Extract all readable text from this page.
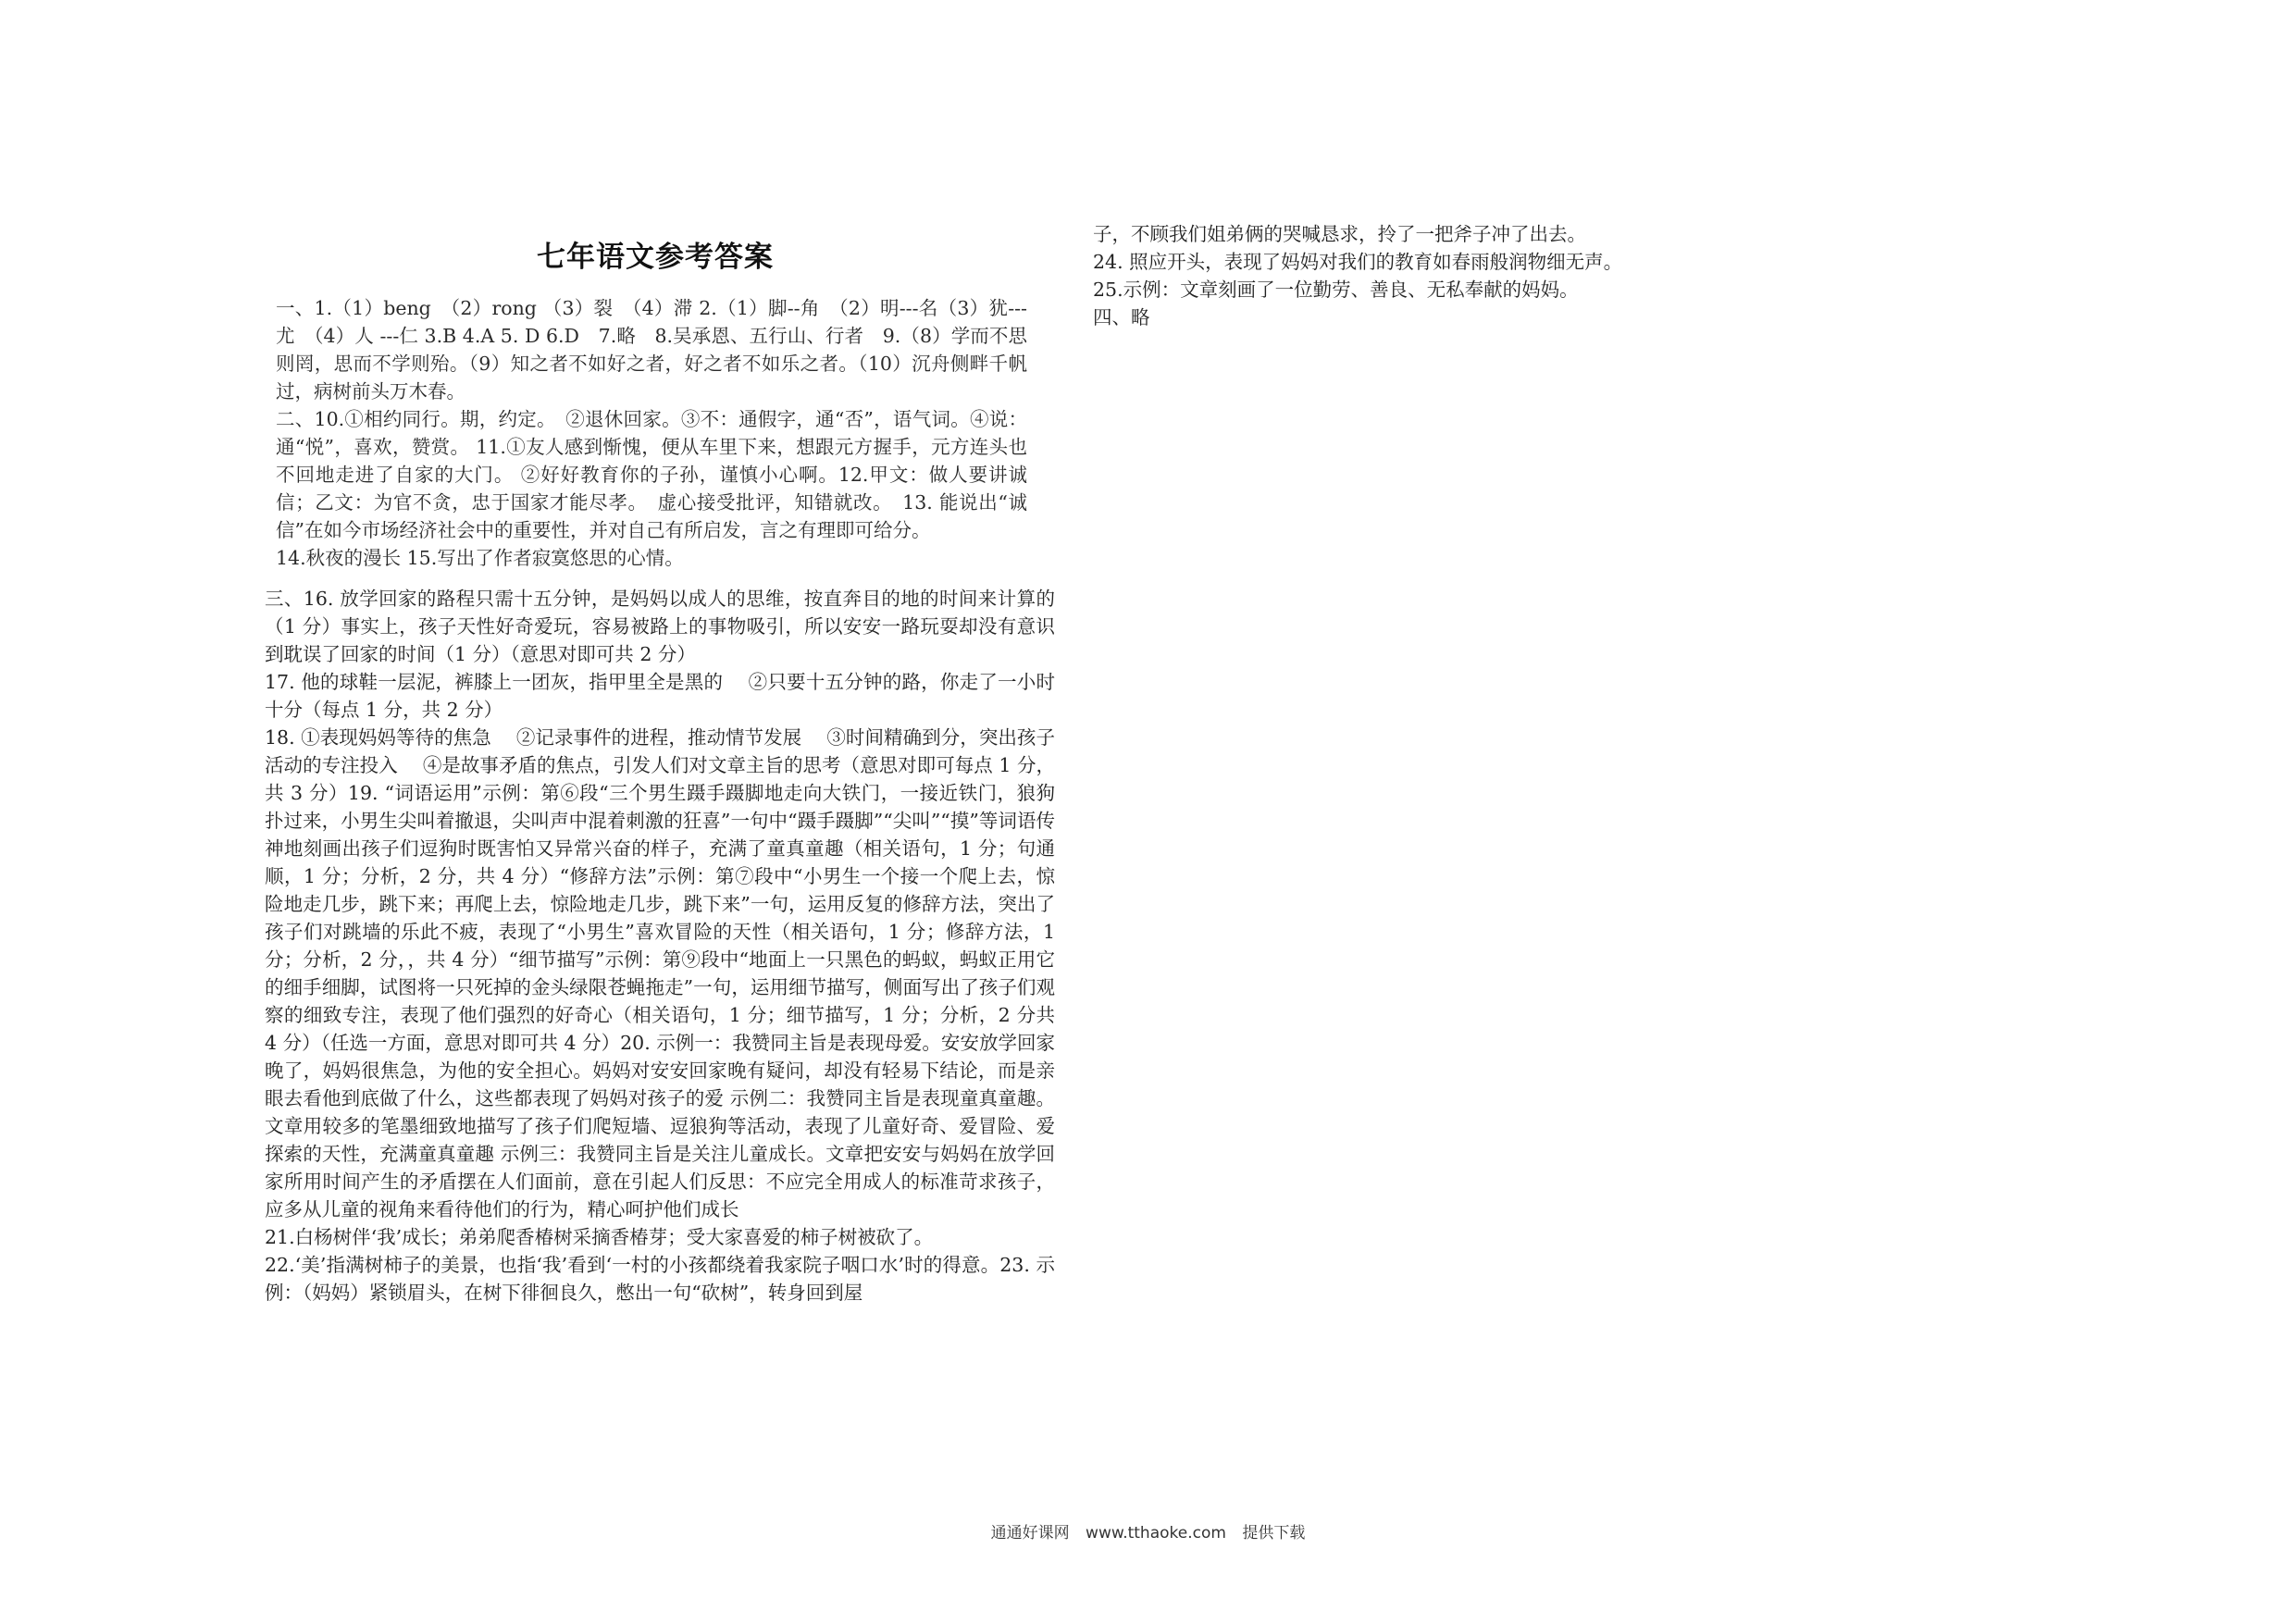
七年语文参考答案

一、1.（1）beng　（2）rong （3）裂　（4）滞 2.（1）脚--角　（2）明---名（3）犹---尤　（4）人 ---仁 3.B 4.A 5. D 6.D　7.略　8.吴承恩、五行山、行者　9.（8）学而不思则罔，思而不学则殆。（9）知之者不如好之者，好之者不如乐之者。（10）沉舟侧畔千帆过，病树前头万木春。

二、10.①相约同行。期，约定。　②退休回家。③不：通假字，通“否”，语气词。④说：通“悦”，喜欢，赞赏。 11.①友人感到惭愧，便从车里下来，想跟元方握手，元方连头也不回地走进了自家的大门。 ②好好教育你的子孙，谨慎小心啊。12.甲文：做人要讲诚信；乙文：为官不贪，忠于国家才能尽孝。　虚心接受批评，知错就改。　13. 能说出“诚信”在如今市场经济社会中的重要性，并对自己有所启发，言之有理即可给分。

14.秋夜的漫长 15.写出了作者寂寞悠思的心情。

三、16. 放学回家的路程只需十五分钟，是妈妈以成人的思维，按直奔目的地的时间来计算的（1 分）事实上，孩子天性好奇爱玩，容易被路上的事物吸引，所以安安一路玩耍却没有意识到耽误了回家的时间（1 分）（意思对即可共 2 分）

17. 他的球鞋一层泥，裤膝上一团灰，指甲里全是黑的　 ②只要十五分钟的路，你走了一小时十分（每点 1 分，共 2 分）

18. ①表现妈妈等待的焦急　 ②记录事件的进程，推动情节发展　 ③时间精确到分，突出孩子活动的专注投入　 ④是故事矛盾的焦点，引发人们对文章主旨的思考（意思对即可每点 1 分，共 3 分）19. “词语运用”示例：第⑥段“三个男生蹑手蹑脚地走向大铁门，一接近铁门，狼狗扑过来，小男生尖叫着撤退，尖叫声中混着刺激的狂喜”一句中“蹑手蹑脚”“尖叫”“摸”等词语传神地刻画出孩子们逗狗时既害怕又异常兴奋的样子，充满了童真童趣（相关语句，1 分；句通顺，1 分；分析，2 分，共 4 分）“修辞方法”示例：第⑦段中“小男生一个接一个爬上去，惊险地走几步，跳下来；再爬上去，惊险地走几步，跳下来”一句，运用反复的修辞方法，突出了孩子们对跳墙的乐此不疲，表现了“小男生”喜欢冒险的天性（相关语句，1 分；修辞方法，1 分；分析，2 分，，共 4 分）“细节描写”示例：第⑨段中“地面上一只黑色的蚂蚁，蚂蚁正用它的细手细脚，试图将一只死掉的金头绿限苍蝇拖走”一句，运用细节描写，侧面写出了孩子们观察的细致专注，表现了他们强烈的好奇心（相关语句，1 分；细节描写，1 分；分析，2 分共 4 分）（任选一方面，意思对即可共 4 分）20. 示例一：我赞同主旨是表现母爱。安安放学回家晚了，妈妈很焦急，为他的安全担心。妈妈对安安回家晚有疑问，却没有轻易下结论，而是亲眼去看他到底做了什么，这些都表现了妈妈对孩子的爱 示例二：我赞同主旨是表现童真童趣。文章用较多的笔墨细致地描写了孩子们爬短墙、逗狼狗等活动，表现了儿童好奇、爱冒险、爱探索的天性，充满童真童趣 示例三：我赞同主旨是关注儿童成长。文章把安安与妈妈在放学回家所用时间产生的矛盾摆在人们面前，意在引起人们反思：不应完全用成人的标准苛求孩子，应多从儿童的视角来看待他们的行为，精心呵护他们成长

21.白杨树伴‘我’成长；弟弟爬香椿树采摘香椿芽；受大家喜爱的柿子树被砍了。

22.‘美’指满树柿子的美景，也指‘我’看到‘一村的小孩都绕着我家院子咽口水’时的得意。23. 示例：（妈妈）紧锁眉头，在树下徘徊良久，憋出一句“砍树”，转身回到屋

子，不顾我们姐弟俩的哭喊恳求，拎了一把斧子冲了出去。

24. 照应开头，表现了妈妈对我们的教育如春雨般润物细无声。

25.示例：文章刻画了一位勤劳、善良、无私奉献的妈妈。

四、略

通通好课网 www.tthaoke.com 提供下载
